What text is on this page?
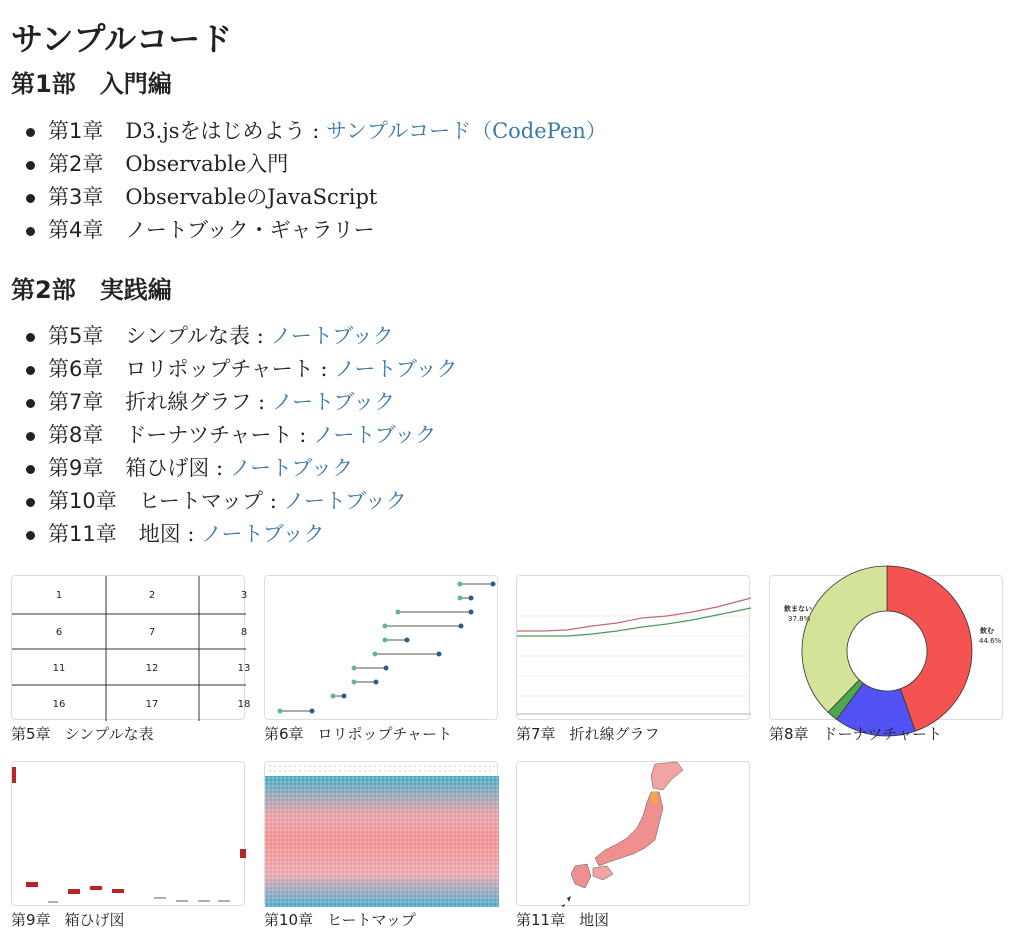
サンプルコード
第1部　入門編
第1章 D3.jsをはじめよう : サンプルコード（CodePen）
第2章 Observable入門
第3章 ObservableのJavaScript
第4章 ノートブック・ギャラリー
第2部　実践編
第5章 シンプルな表 : ノートブック
第6章 ロリポップチャート : ノートブック
第7章 折れ線グラフ : ノートブック
第8章 ドーナツチャート : ノートブック
第9章 箱ひげ図 : ノートブック
第10章 ヒートマップ : ノートブック
第11章 地図 : ノートブック
1	2	3
6	7	8
11	12	13
16	17	18
第5章 シンプルな表	第6章 ロリポップチャート	第7章 折れ線グラフ
飲まない
37.8%
飲む
44.6%
第8章 ドーナツチャート
第9章 箱ひげ図	第10章 ヒートマップ	第11章 地図
